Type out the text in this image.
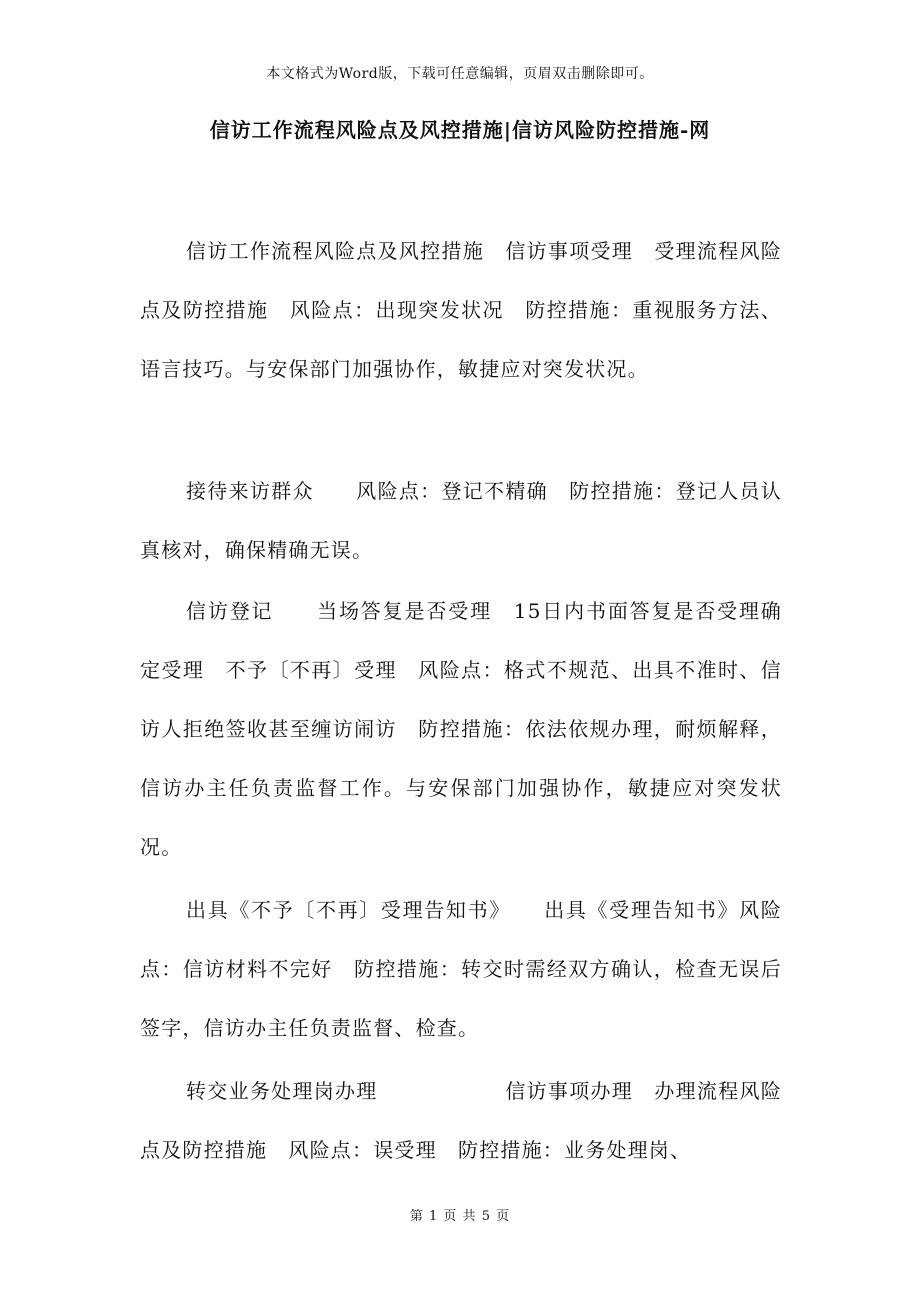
本文格式为Word版，下载可任意编辑，页眉双击删除即可。
信访工作流程风险点及风控措施|信访风险防控措施-网

信访工作流程风险点及风控措施　信访事项受理　受理流程风险点及防控措施　风险点：出现突发状况　防控措施：重视服务方法、语言技巧。与安保部门加强协作，敏捷应对突发状况。

接待来访群众　　风险点：登记不精确　防控措施：登记人员认真核对，确保精确无误。

信访登记　　当场答复是否受理　15日内书面答复是否受理确定受理　不予〔不再〕受理　风险点：格式不规范、出具不准时、信访人拒绝签收甚至缠访闹访　防控措施：依法依规办理，耐烦解释，信访办主任负责监督工作。与安保部门加强协作，敏捷应对突发状况。

出具《不予〔不再〕受理告知书》　　出具《受理告知书》风险点：信访材料不完好　防控措施：转交时需经双方确认，检查无误后签字，信访办主任负责监督、检查。

转交业务处理岗办理　　　　　　信访事项办理　办理流程风险点及防控措施　风险点：误受理　防控措施：业务处理岗、

第 1 页 共 5 页
